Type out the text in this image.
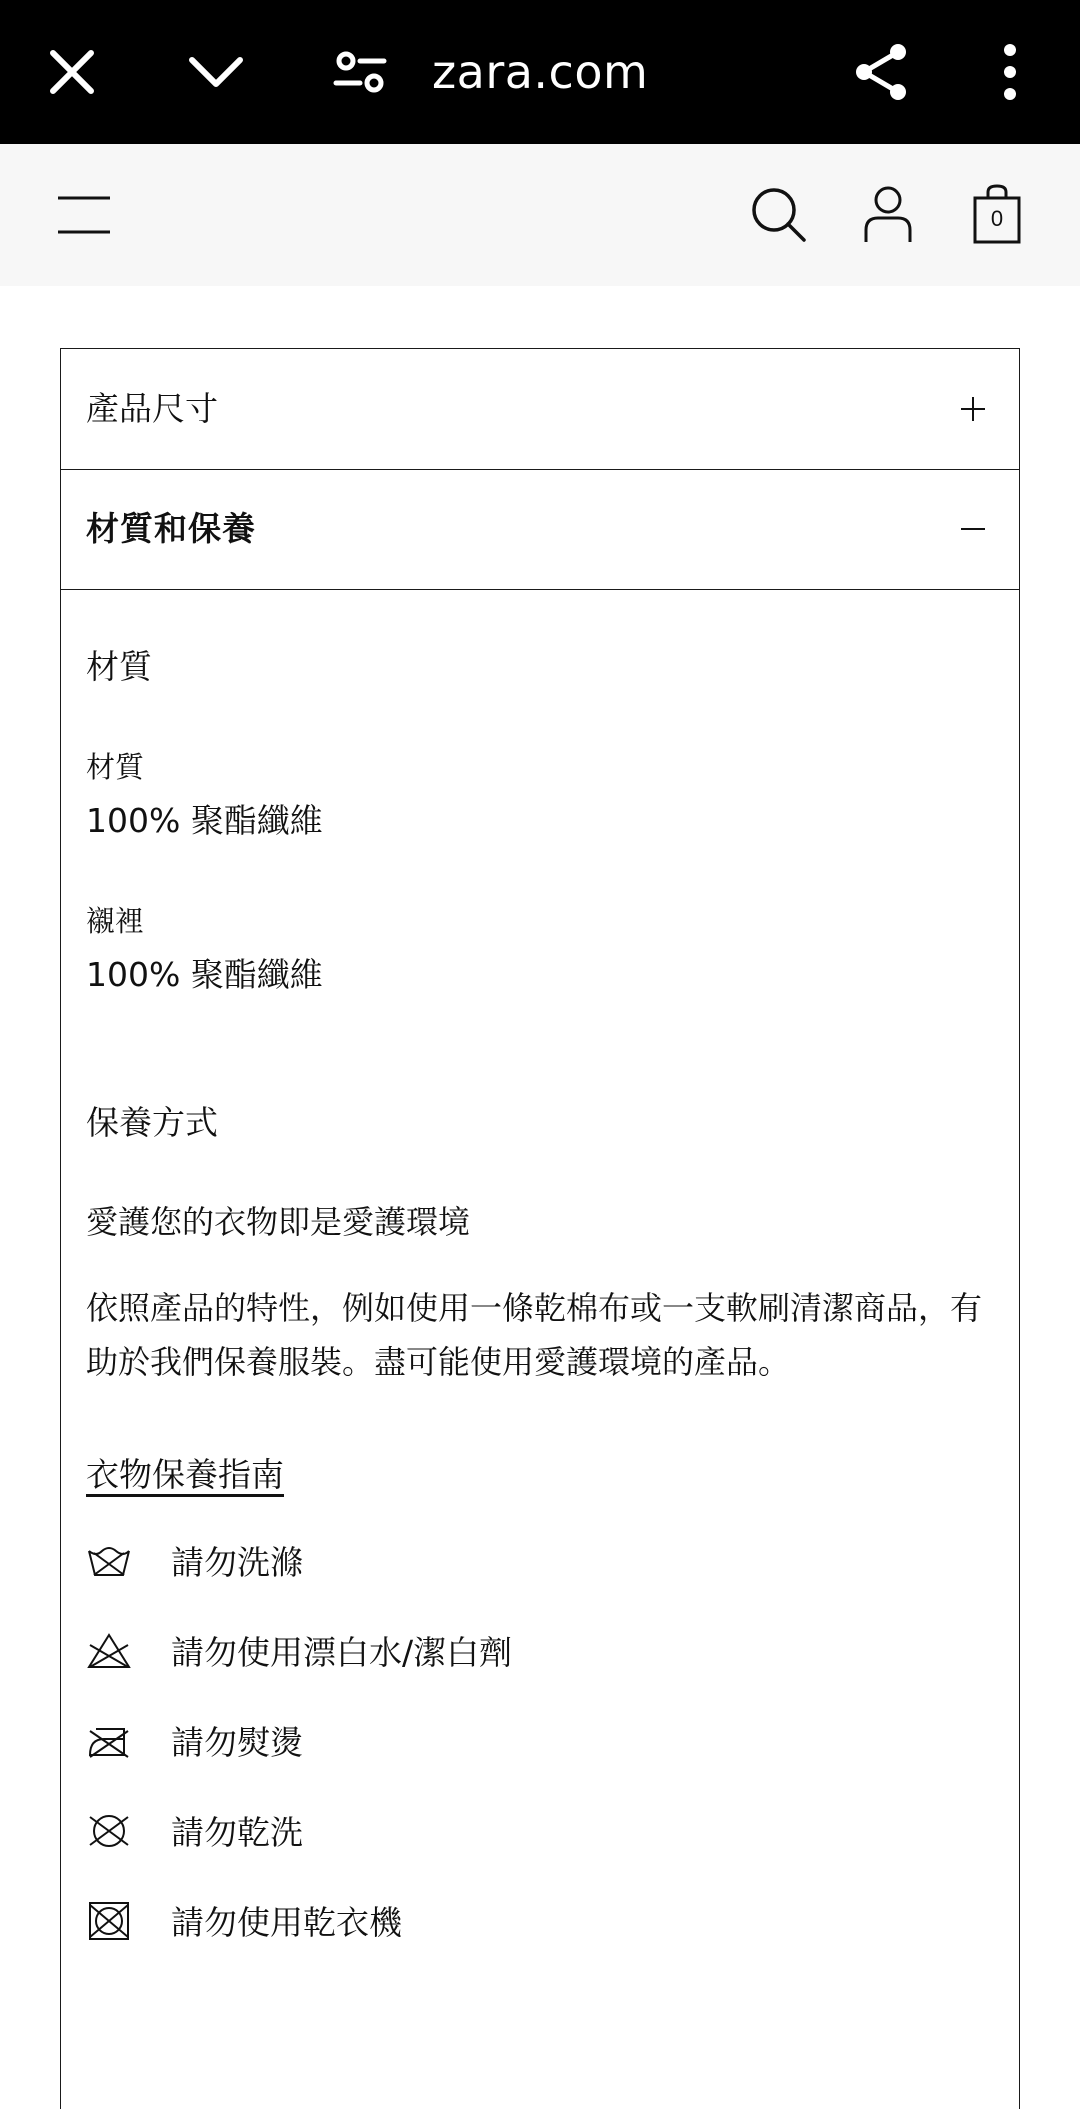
zara.com
0
產品尺寸
材質和保養
材質
材質
100% 聚酯纖維
襯裡
100% 聚酯纖維
保養方式
愛護您的衣物即是愛護環境
依照產品的特性，例如使用一條乾棉布或一支軟刷清潔商品，有助於我們保養服裝。盡可能使用愛護環境的產品。
衣物保養指南
請勿洗滌
請勿使用漂白水/潔白劑
請勿熨燙
請勿乾洗
請勿使用乾衣機
